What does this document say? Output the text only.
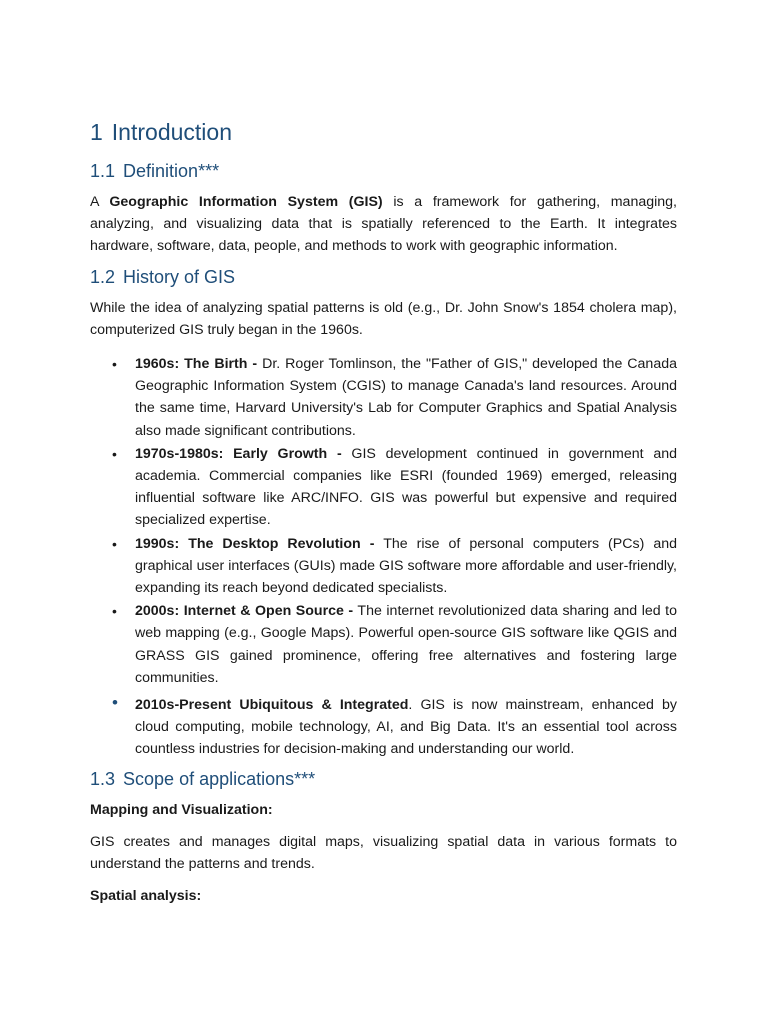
1 Introduction
1.1 Definition***

A Geographic Information System (GIS) is a framework for gathering, managing, analyzing, and visualizing data that is spatially referenced to the Earth. It integrates hardware, software, data, people, and methods to work with geographic information.

1.2 History of GIS

While the idea of analyzing spatial patterns is old (e.g., Dr. John Snow's 1854 cholera map), computerized GIS truly began in the 1960s.

• 1960s: The Birth - Dr. Roger Tomlinson, the "Father of GIS," developed the Canada Geographic Information System (CGIS) to manage Canada's land resources. Around the same time, Harvard University's Lab for Computer Graphics and Spatial Analysis also made significant contributions.
• 1970s-1980s: Early Growth - GIS development continued in government and academia. Commercial companies like ESRI (founded 1969) emerged, releasing influential software like ARC/INFO. GIS was powerful but expensive and required specialized expertise.
• 1990s: The Desktop Revolution - The rise of personal computers (PCs) and graphical user interfaces (GUIs) made GIS software more affordable and user-friendly, expanding its reach beyond dedicated specialists.
• 2000s: Internet & Open Source - The internet revolutionized data sharing and led to web mapping (e.g., Google Maps). Powerful open-source GIS software like QGIS and GRASS GIS gained prominence, offering free alternatives and fostering large communities.
• 2010s-Present Ubiquitous & Integrated. GIS is now mainstream, enhanced by cloud computing, mobile technology, AI, and Big Data. It's an essential tool across countless industries for decision-making and understanding our world.
1.3 Scope of applications***
Mapping and Visualization:

GIS creates and manages digital maps, visualizing spatial data in various formats to understand the patterns and trends.

Spatial analysis:
